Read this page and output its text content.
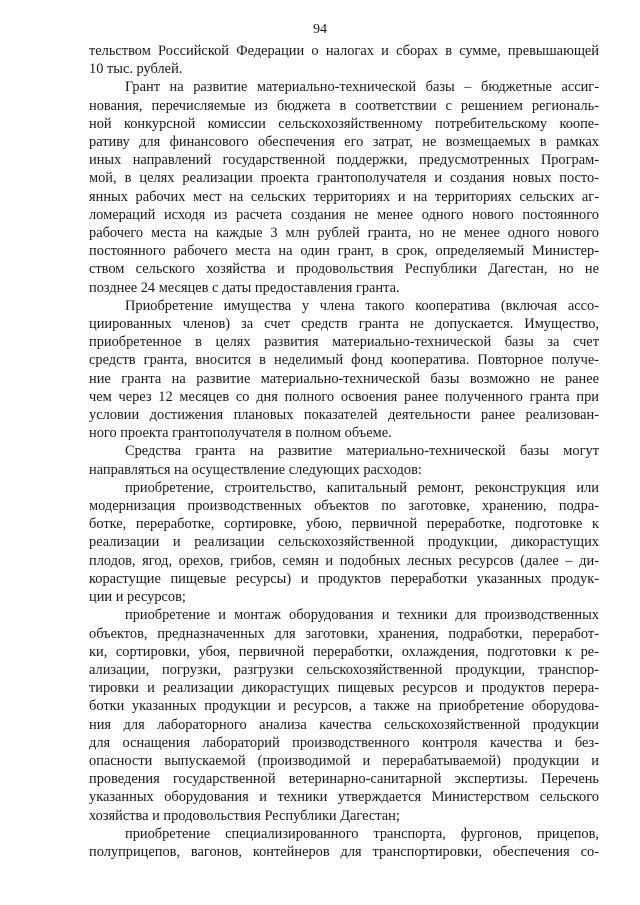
94
тельством Российской Федерации о налогах и сборах в сумме, превышающей
10 тыс. рублей.
Грант на развитие материально-технической базы – бюджетные ассиг-
нования, перечисляемые из бюджета в соответствии с решением региональ-
ной конкурсной комиссии сельскохозяйственному потребительскому коопе-
ративу для финансового обеспечения его затрат, не возмещаемых в рамках
иных направлений государственной поддержки, предусмотренных Програм-
мой, в целях реализации проекта грантополучателя и создания новых посто-
янных рабочих мест на сельских территориях и на территориях сельских аг-
ломераций исходя из расчета создания не менее одного нового постоянного
рабочего места на каждые 3 млн рублей гранта, но не менее одного нового
постоянного рабочего места на один грант, в срок, определяемый Министер-
ством сельского хозяйства и продовольствия Республики Дагестан, но не
позднее 24 месяцев с даты предоставления гранта.
Приобретение имущества у члена такого кооператива (включая ассо-
циированных членов) за счет средств гранта не допускается. Имущество,
приобретенное в целях развития материально-технической базы за счет
средств гранта, вносится в неделимый фонд кооператива. Повторное получе-
ние гранта на развитие материально-технической базы возможно не ранее
чем через 12 месяцев со дня полного освоения ранее полученного гранта при
условии достижения плановых показателей деятельности ранее реализован-
ного проекта грантополучателя в полном объеме.
Средства гранта на развитие материально-технической базы могут
направляться на осуществление следующих расходов:
приобретение, строительство, капитальный ремонт, реконструкция или
модернизация производственных объектов по заготовке, хранению, подра-
ботке, переработке, сортировке, убою, первичной переработке, подготовке к
реализации и реализации сельскохозяйственной продукции, дикорастущих
плодов, ягод, орехов, грибов, семян и подобных лесных ресурсов (далее – ди-
корастущие пищевые ресурсы) и продуктов переработки указанных продук-
ции и ресурсов;
приобретение и монтаж оборудования и техники для производственных
объектов, предназначенных для заготовки, хранения, подработки, переработ-
ки, сортировки, убоя, первичной переработки, охлаждения, подготовки к ре-
ализации, погрузки, разгрузки сельскохозяйственной продукции, транспор-
тировки и реализации дикорастущих пищевых ресурсов и продуктов перера-
ботки указанных продукции и ресурсов, а также на приобретение оборудова-
ния для лабораторного анализа качества сельскохозяйственной продукции
для оснащения лабораторий производственного контроля качества и без-
опасности выпускаемой (производимой и перерабатываемой) продукции и
проведения государственной ветеринарно-санитарной экспертизы. Перечень
указанных оборудования и техники утверждается Министерством сельского
хозяйства и продовольствия Республики Дагестан;
приобретение специализированного транспорта, фургонов, прицепов,
полуприцепов, вагонов, контейнеров для транспортировки, обеспечения со-
